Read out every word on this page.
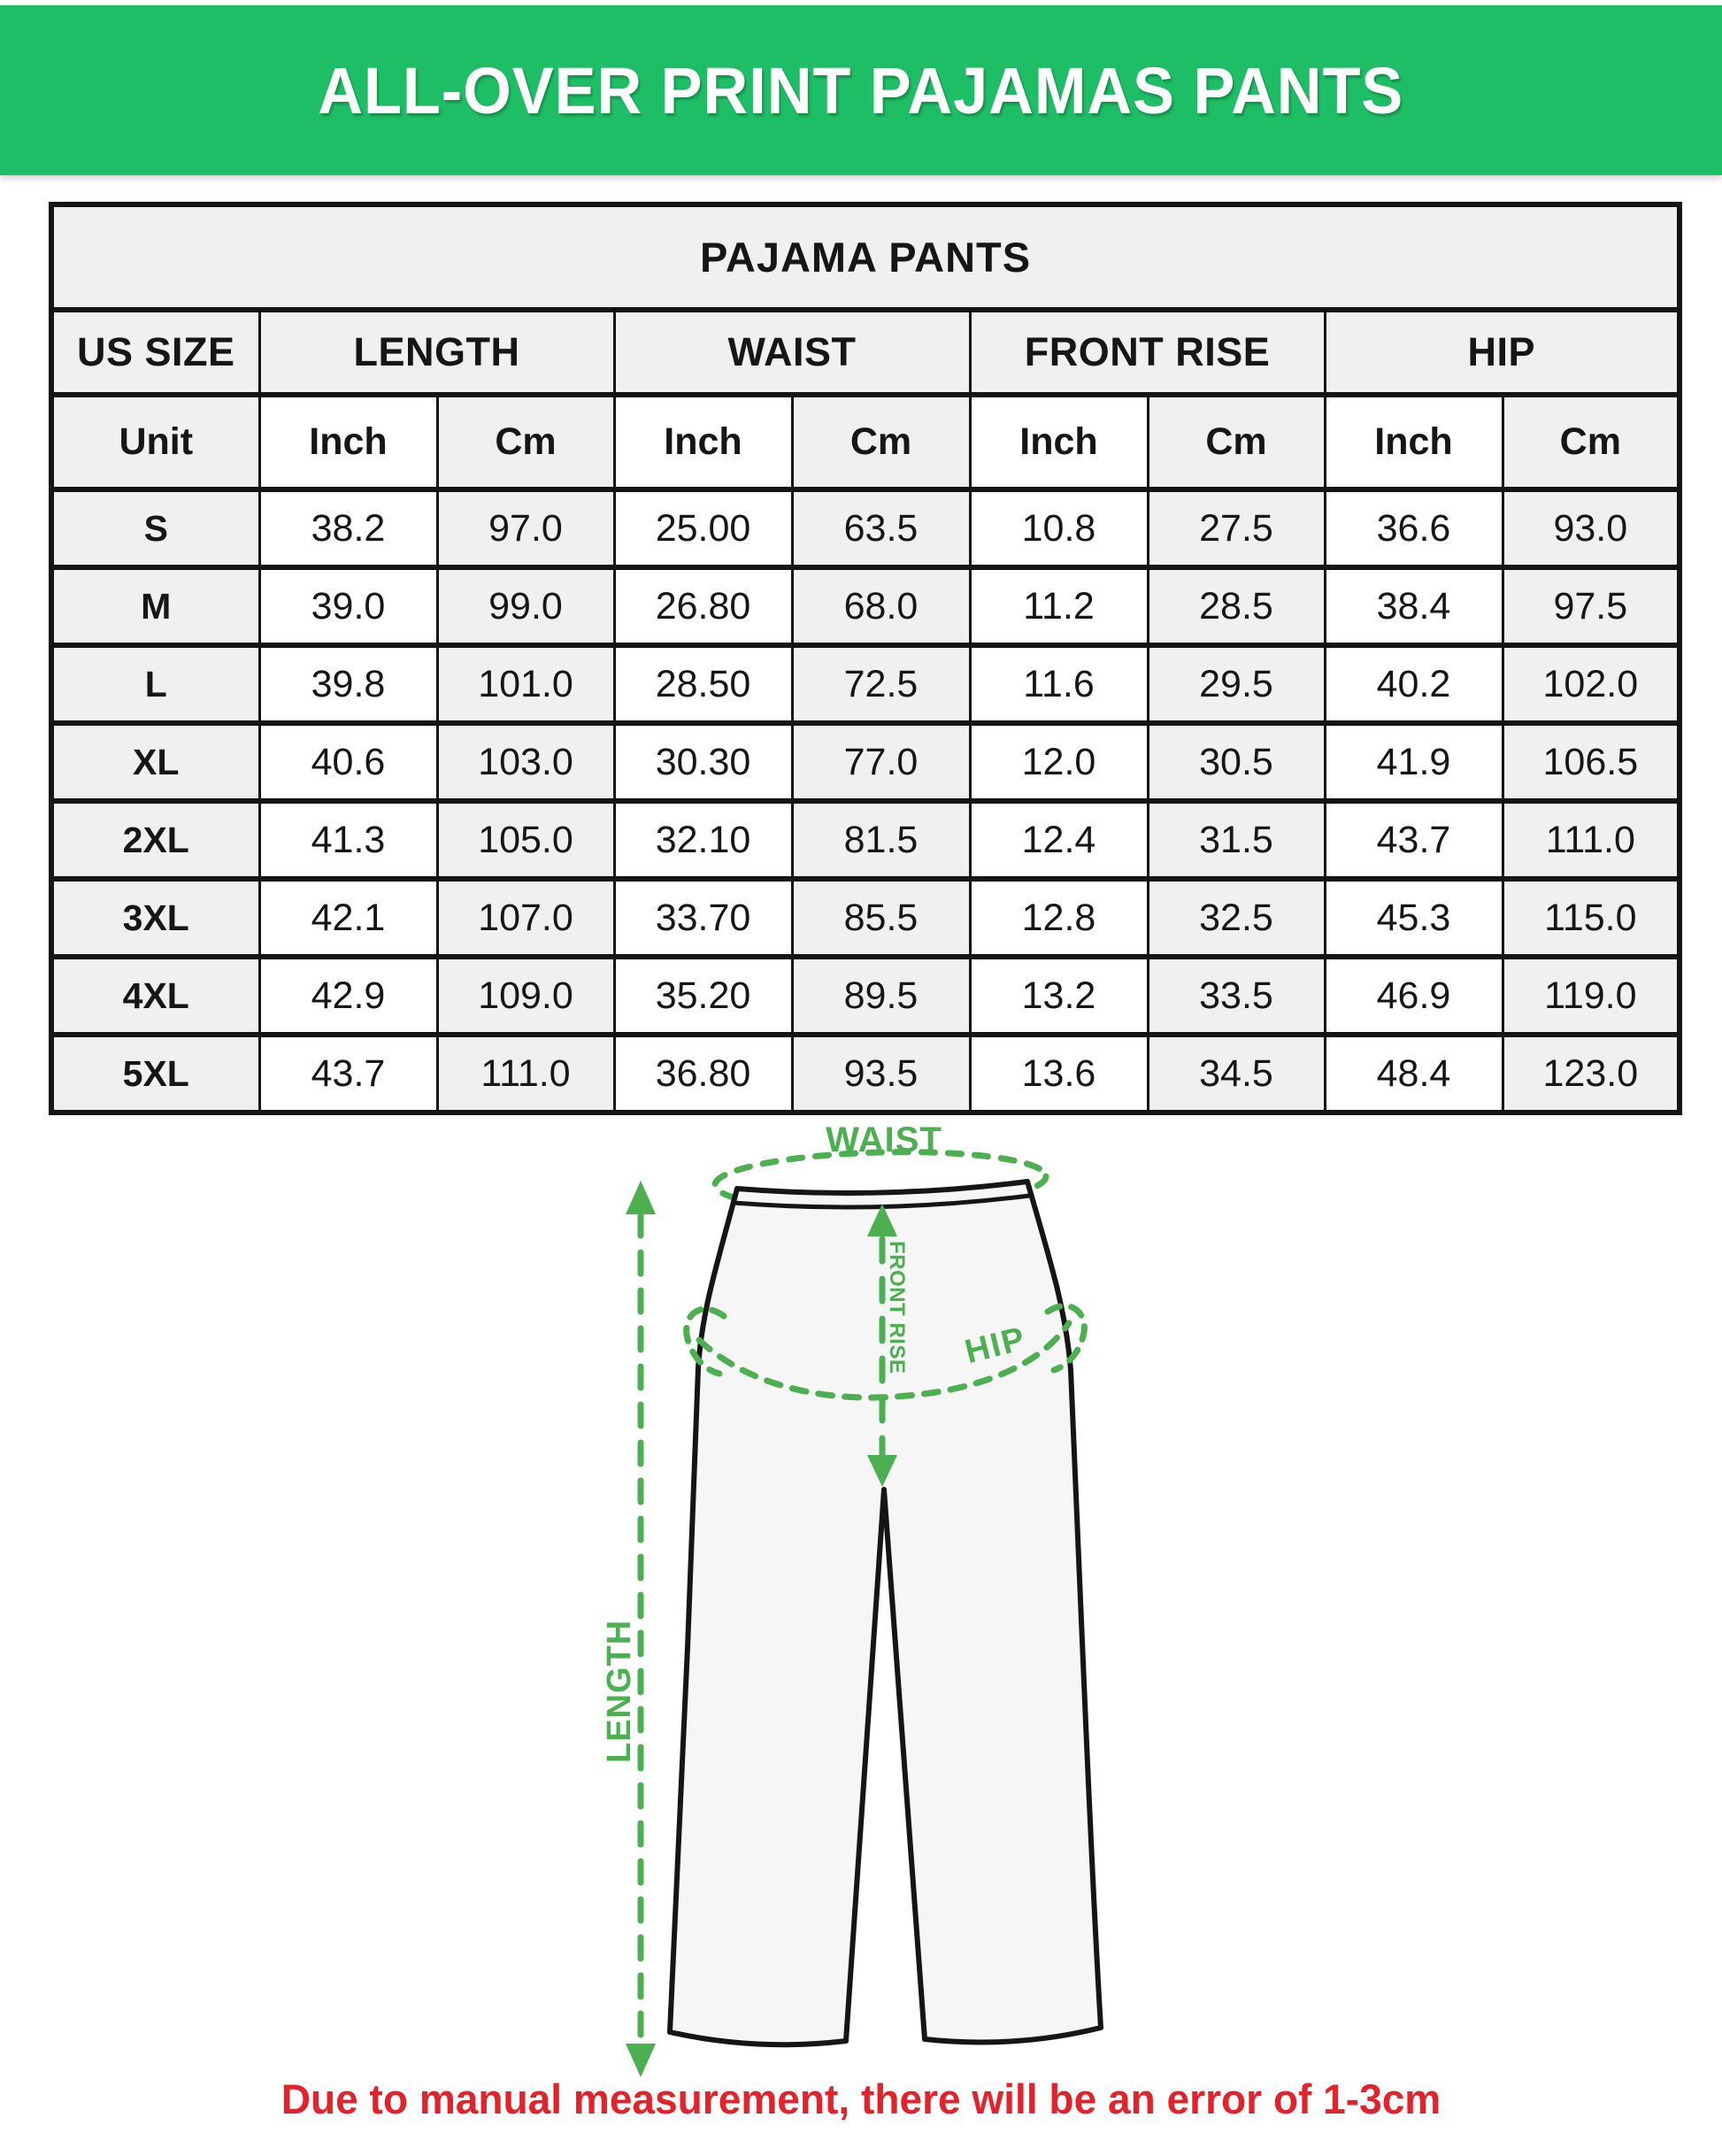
ALL-OVER PRINT PAJAMAS PANTS
PAJAMA PANTS								
US SIZE	LENGTH		WAIST		FRONT RISE		HIP	
Unit	Inch	Cm	Inch	Cm	Inch	Cm	Inch	Cm
S	38.2	97.0	25.00	63.5	10.8	27.5	36.6	93.0
M	39.0	99.0	26.80	68.0	11.2	28.5	38.4	97.5
L	39.8	101.0	28.50	72.5	11.6	29.5	40.2	102.0
XL	40.6	103.0	30.30	77.0	12.0	30.5	41.9	106.5
2XL	41.3	105.0	32.10	81.5	12.4	31.5	43.7	111.0
3XL	42.1	107.0	33.70	85.5	12.8	32.5	45.3	115.0
4XL	42.9	109.0	35.20	89.5	13.2	33.5	46.9	119.0
5XL	43.7	111.0	36.80	93.5	13.6	34.5	48.4	123.0
WAIST
FRONT RISE HIP
LENGTH
Due to manual measurement, there will be an error of 1-3cm
